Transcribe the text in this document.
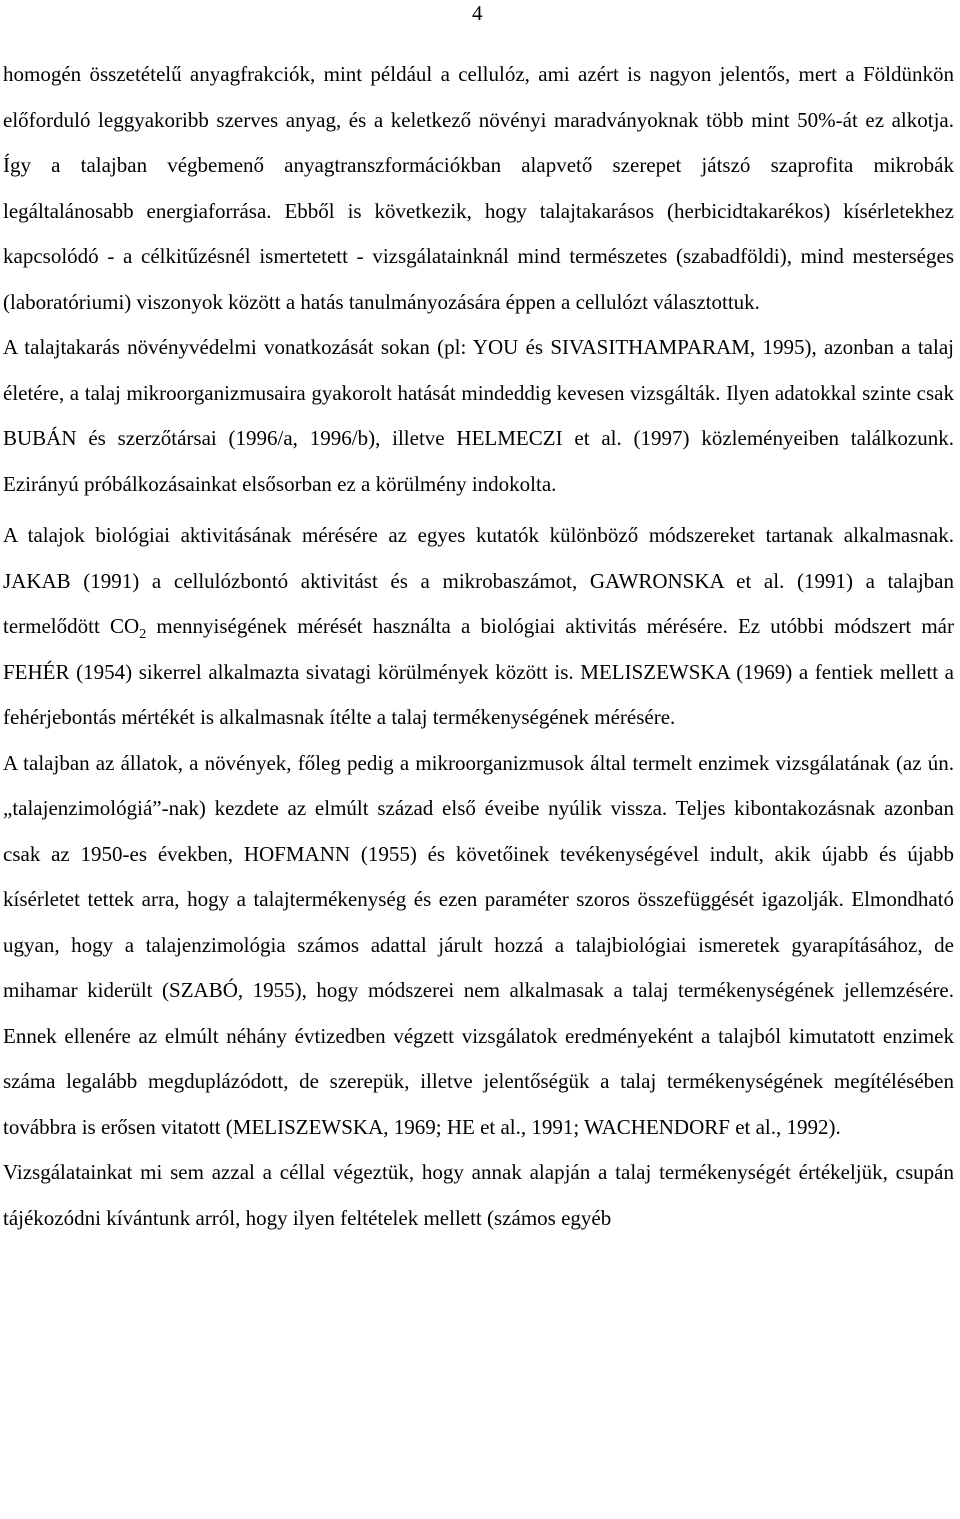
4

homogén összetételű anyagfrakciók, mint például a cellulóz, ami azért is nagyon jelentős, mert a Földünkön előforduló leggyakoribb szerves anyag, és a keletkező növényi maradványoknak több mint 50%-át ez alkotja. Így a talajban végbemenő anyagtranszformációkban alapvető szerepet játszó szaprofita mikrobák legáltalánosabb energiaforrása. Ebből is következik, hogy talajtakarásos (herbicidtakarékos) kísérletekhez kapcsolódó - a célkitűzésnél ismertetett - vizsgálatainknál mind természetes (szabadföldi), mind mesterséges (laboratóriumi) viszonyok között a hatás tanulmányozására éppen a cellulózt választottuk.

A talajtakarás növényvédelmi vonatkozását sokan (pl: YOU és SIVASITHAMPARAM, 1995), azonban a talaj életére, a talaj mikroorganizmusaira gyakorolt hatását mindeddig kevesen vizsgálták. Ilyen adatokkal szinte csak BUBÁN és szerzőtársai (1996/a, 1996/b), illetve HELMECZI et al. (1997) közleményeiben találkozunk. Ezirányú próbálkozásainkat elsősorban ez a körülmény indokolta.

A talajok biológiai aktivitásának mérésére az egyes kutatók különböző módszereket tartanak alkalmasnak. JAKAB (1991) a cellulózbontó aktivitást és a mikrobaszámot, GAWRONSKA et al. (1991) a talajban termelődött $CO_2$ mennyiségének mérését használta a biológiai aktivitás mérésére. Ez utóbbi módszert már FEHÉR (1954) sikerrel alkalmazta sivatagi körülmények között is. MELISZEWSKA (1969) a fentiek mellett a fehérjebontás mértékét is alkalmasnak ítélte a talaj termékenységének mérésére.

A talajban az állatok, a növények, főleg pedig a mikroorganizmusok által termelt enzimek vizsgálatának (az ún. „talajenzimológiá”-nak) kezdete az elmúlt század első éveibe nyúlik vissza. Teljes kibontakozásnak azonban csak az 1950-es években, HOFMANN (1955) és követőinek tevékenységével indult, akik újabb és újabb kísérletet tettek arra, hogy a talajtermékenység és ezen paraméter szoros összefüggését igazolják. Elmondható ugyan, hogy a talajenzimológia számos adattal járult hozzá a talajbiológiai ismeretek gyarapításához, de mihamar kiderült (SZABÓ, 1955), hogy módszerei nem alkalmasak a talaj termékenységének jellemzésére. Ennek ellenére az elmúlt néhány évtizedben végzett vizsgálatok eredményeként a talajból kimutatott enzimek száma legalább megduplázódott, de szerepük, illetve jelentőségük a talaj termékenységének megítélésében továbbra is erősen vitatott (MELISZEWSKA, 1969; HE et al., 1991; WACHENDORF et al., 1992).

Vizsgálatainkat mi sem azzal a céllal végeztük, hogy annak alapján a talaj termékenységét értékeljük, csupán tájékozódni kívántunk arról, hogy ilyen feltételek mellett (számos egyéb
